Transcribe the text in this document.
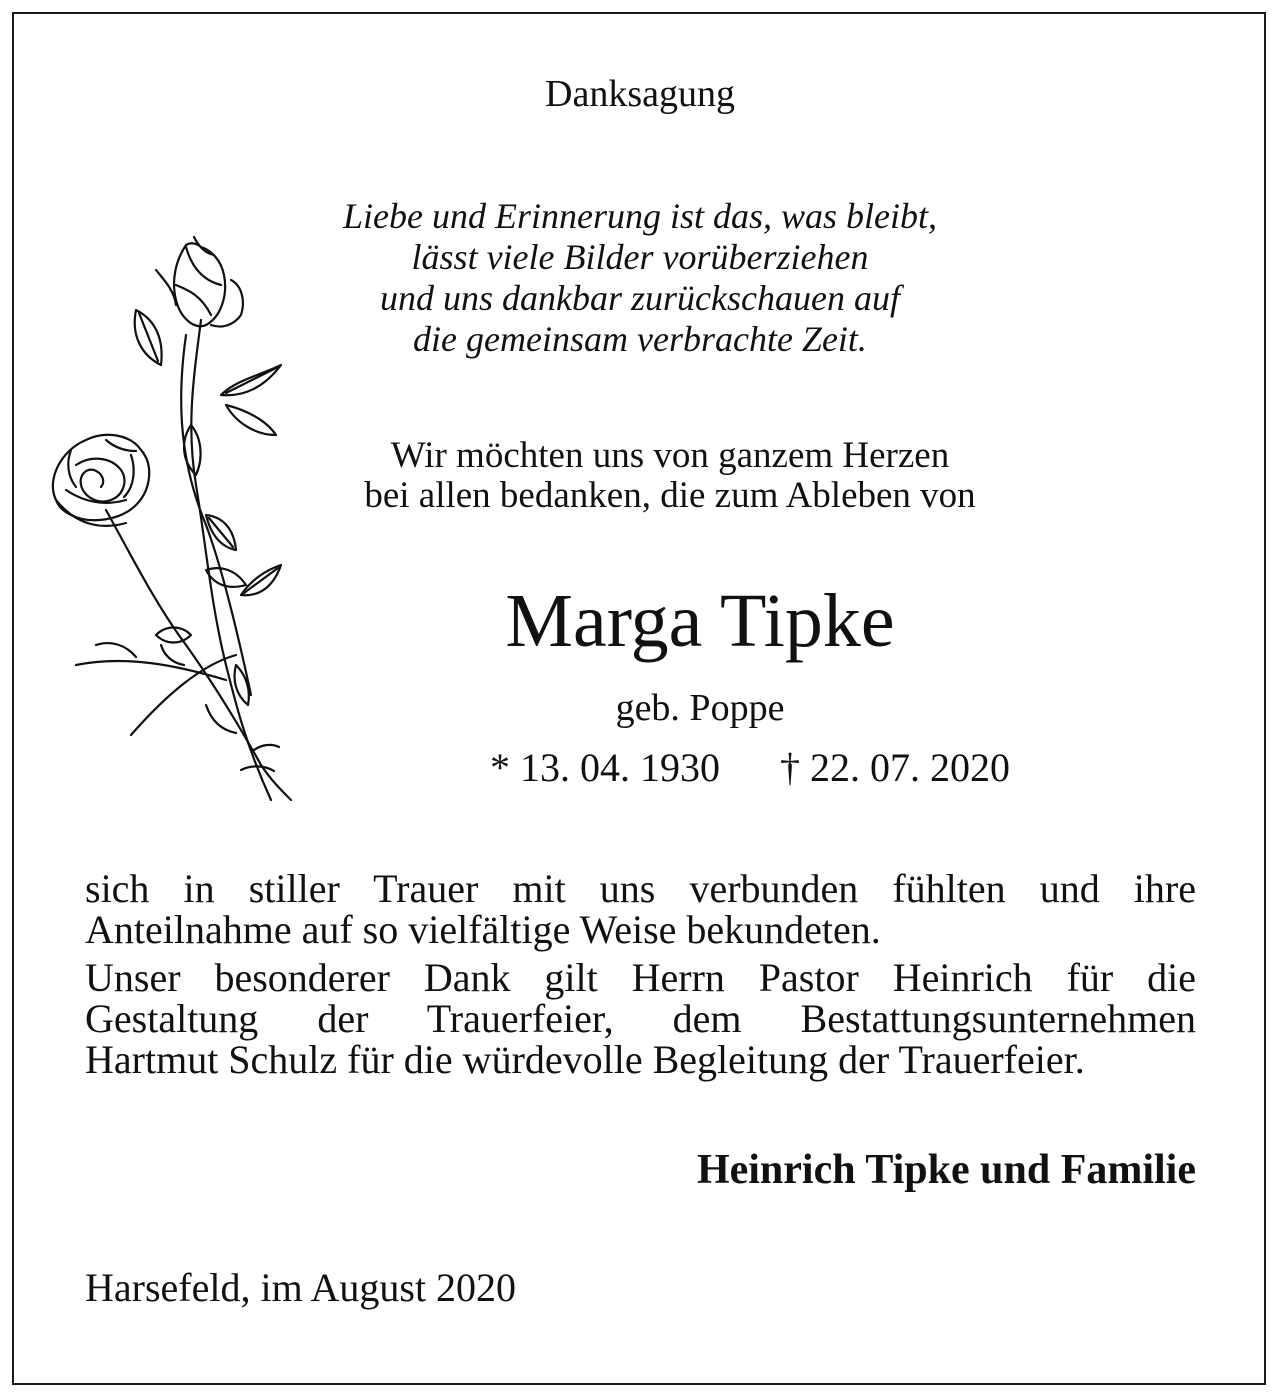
Danksagung
Liebe und Erinnerung ist das, was bleibt,
lässt viele Bilder vorüberziehen
und uns dankbar zurückschauen auf
die gemeinsam verbrachte Zeit.
Wir möchten uns von ganzem Herzen
bei allen bedanken, die zum Ableben von
Marga Tipke
geb. Poppe
* 13. 04. 1930 † 22. 07. 2020
sich in stiller Trauer mit uns verbunden fühlten und ihre
Anteilnahme auf so vielfältige Weise bekundeten.
Unser besonderer Dank gilt Herrn Pastor Heinrich für die
Gestaltung der Trauerfeier, dem Bestattungsunternehmen
Hartmut Schulz für die würdevolle Begleitung der Trauerfeier.
Heinrich Tipke und Familie
Harsefeld, im August 2020
